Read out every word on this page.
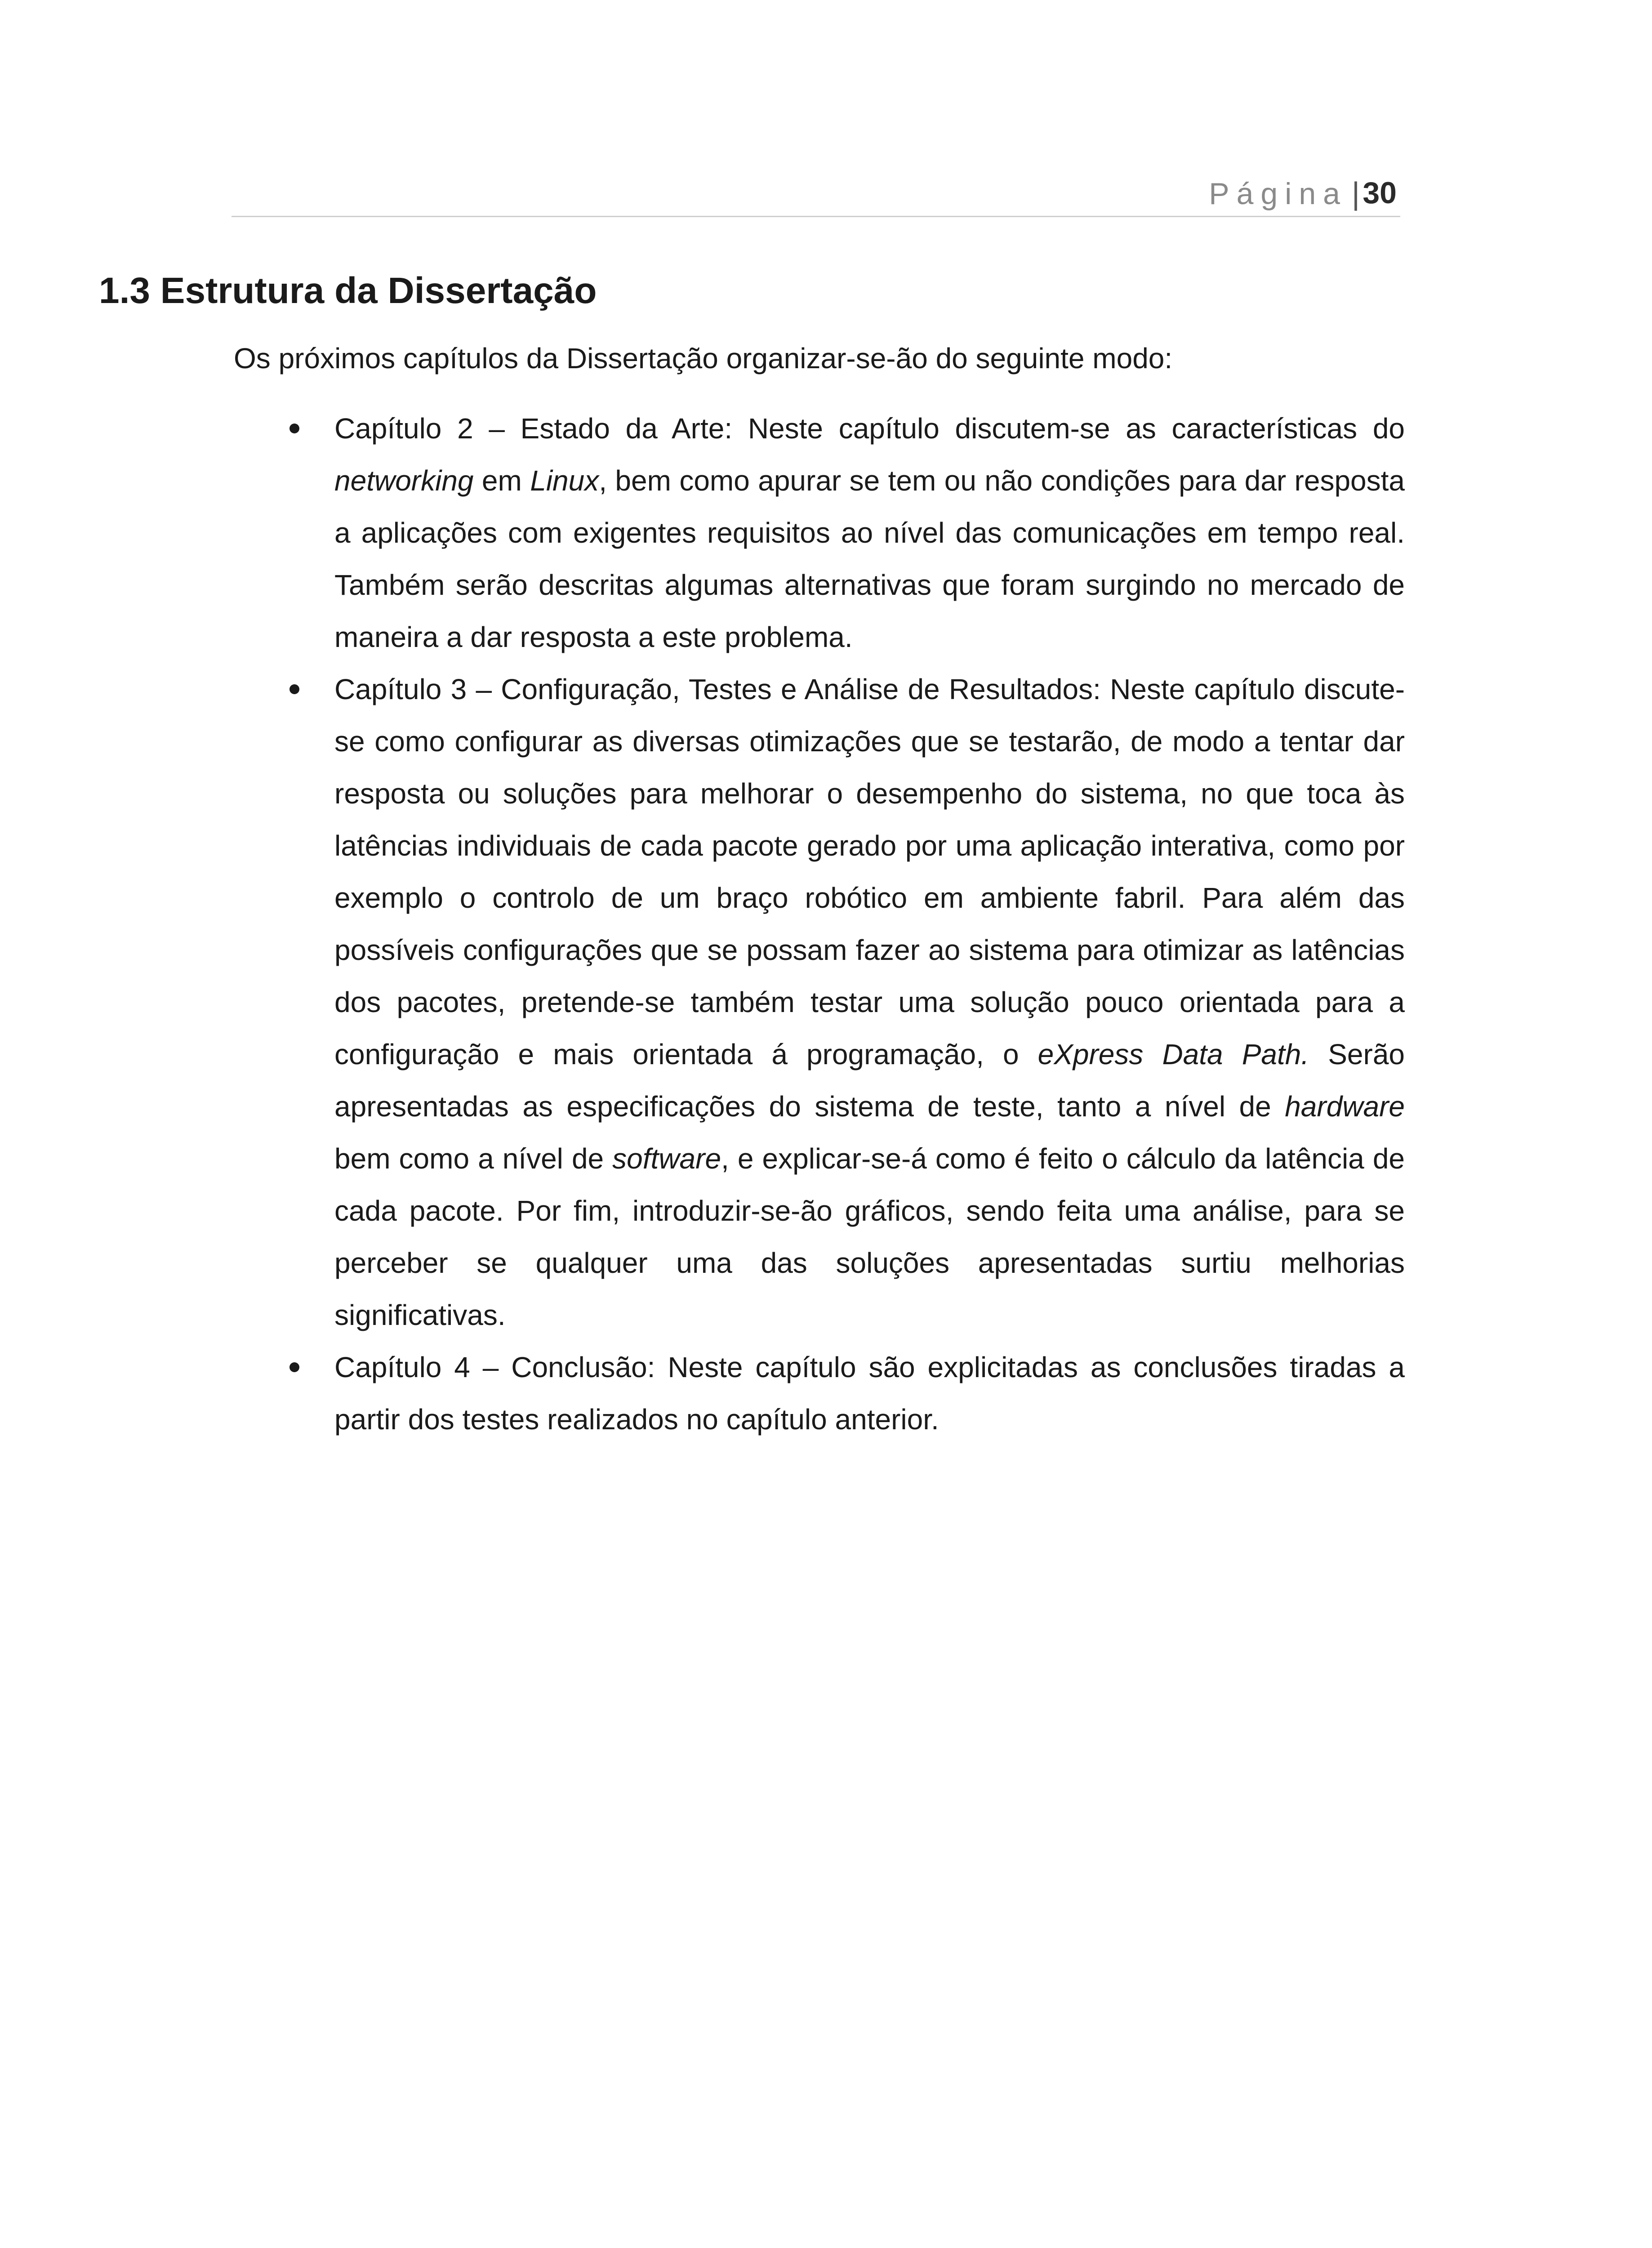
Página | 30
1.3 Estrutura da Dissertação

Os próximos capítulos da Dissertação organizar-se-ão do seguinte modo:

Capítulo 2 – Estado da Arte: Neste capítulo discutem-se as características do networking em Linux, bem como apurar se tem ou não condições para dar resposta a aplicações com exigentes requisitos ao nível das comunicações em tempo real. Também serão descritas algumas alternativas que foram surgindo no mercado de maneira a dar resposta a este problema.
Capítulo 3 – Configuração, Testes e Análise de Resultados: Neste capítulo discute-se como configurar as diversas otimizações que se testarão, de modo a tentar dar resposta ou soluções para melhorar o desempenho do sistema, no que toca às latências individuais de cada pacote gerado por uma aplicação interativa, como por exemplo o controlo de um braço robótico em ambiente fabril. Para além das possíveis configurações que se possam fazer ao sistema para otimizar as latências dos pacotes, pretende-se também testar uma solução pouco orientada para a configuração e mais orientada á programação, o eXpress Data Path. Serão apresentadas as especificações do sistema de teste, tanto a nível de hardware bem como a nível de software, e explicar-se-á como é feito o cálculo da latência de cada pacote. Por fim, introduzir-se-ão gráficos, sendo feita uma análise, para se perceber se qualquer uma das soluções apresentadas surtiu melhorias significativas.
Capítulo 4 – Conclusão: Neste capítulo são explicitadas as conclusões tiradas a partir dos testes realizados no capítulo anterior.
